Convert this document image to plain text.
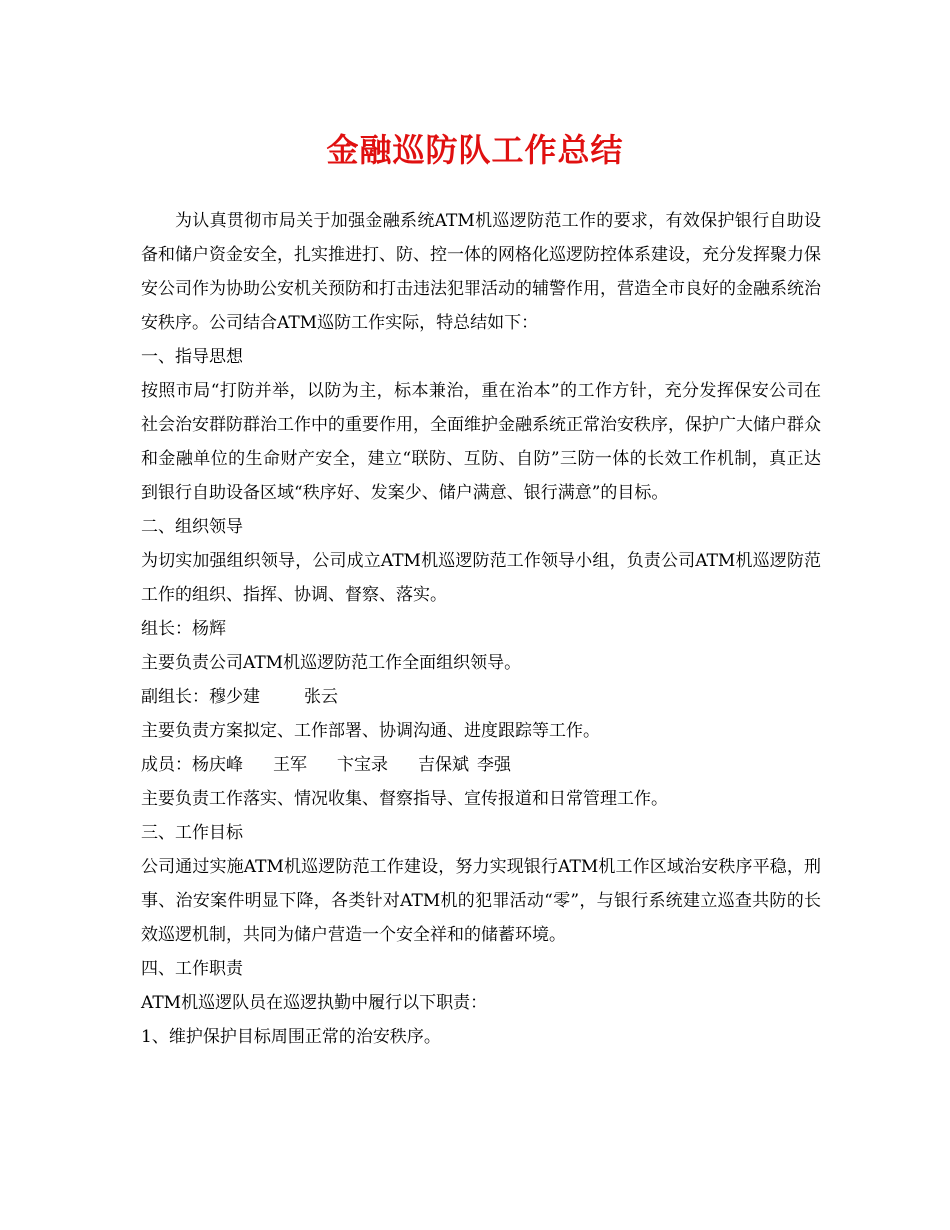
金融巡防队工作总结

为认真贯彻市局关于加强金融系统ATM机巡逻防范工作的要求，有效保护银行自助设备和储户资金安全，扎实推进打、防、控一体的网格化巡逻防控体系建设，充分发挥聚力保安公司作为协助公安机关预防和打击违法犯罪活动的辅警作用，营造全市良好的金融系统治安秩序。公司结合ATM巡防工作实际，特总结如下：

一、指导思想

按照市局“打防并举，以防为主，标本兼治，重在治本”的工作方针，充分发挥保安公司在社会治安群防群治工作中的重要作用，全面维护金融系统正常治安秩序，保护广大储户群众和金融单位的生命财产安全，建立“联防、互防、自防”三防一体的长效工作机制，真正达到银行自助设备区域“秩序好、发案少、储户满意、银行满意”的目标。

二、组织领导

为切实加强组织领导，公司成立ATM机巡逻防范工作领导小组，负责公司ATM机巡逻防范工作的组织、指挥、协调、督察、落实。

组长：杨辉

主要负责公司ATM机巡逻防范工作全面组织领导。

副组长：穆少建	张云

主要负责方案拟定、工作部署、协调沟通、进度跟踪等工作。

成员：杨庆峰 王军 卞宝录 吉保斌 李强

主要负责工作落实、情况收集、督察指导、宣传报道和日常管理工作。

三、工作目标

公司通过实施ATM机巡逻防范工作建设，努力实现银行ATM机工作区域治安秩序平稳，刑事、治安案件明显下降，各类针对ATM机的犯罪活动“零”，与银行系统建立巡查共防的长效巡逻机制，共同为储户营造一个安全祥和的储蓄环境。

四、工作职责

ATM机巡逻队员在巡逻执勤中履行以下职责：

1、维护保护目标周围正常的治安秩序。
